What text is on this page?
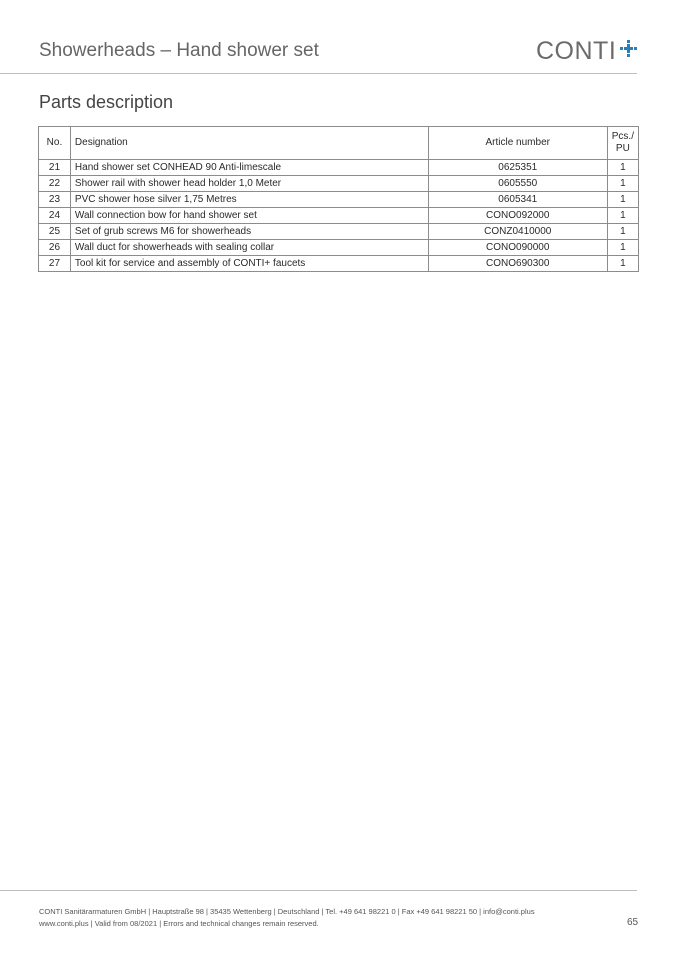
Showerheads – Hand shower set	CONTI
Parts description
No.	Designation	Article number	Pcs./
PU
21	Hand shower set CONHEAD 90 Anti-limescale	0625351	1
22	Shower rail with shower head holder 1,0 Meter	0605550	1
23	PVC shower hose silver 1,75 Metres	0605341	1
24	Wall connection bow for hand shower set	CONO092000	1
25	Set of grub screws M6 for showerheads	CONZ0410000	1
26	Wall duct for showerheads with sealing collar	CONO090000	1
27	Tool kit for service and assembly of CONTI+ faucets	CONO690300	1
CONTI Sanitärarmaturen GmbH | Hauptstraße 98 | 35435 Wettenberg | Deutschland | Tel. +49 641 98221 0 | Fax +49 641 98221 50 | info@conti.plus
www.conti.plus | Valid from 08/2021 | Errors and technical changes remain reserved.	65
